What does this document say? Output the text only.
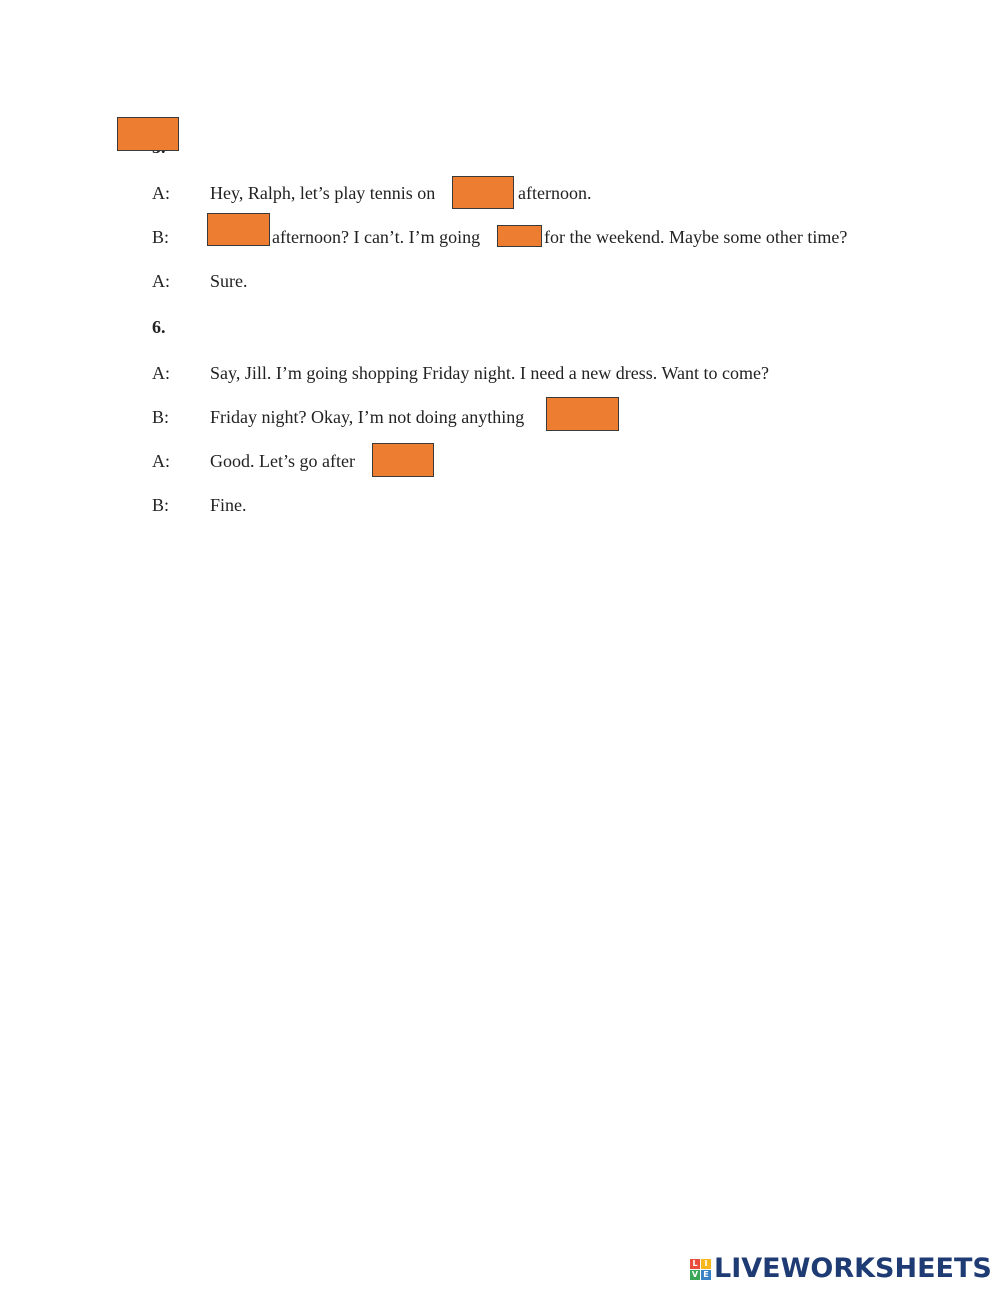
A: Hey, Ralph, let’s play tennis on	afternoon.
B:	afternoon? I can’t. I’m going	for the weekend. Maybe some other time?
A: Sure.
6.
A: Say, Jill. I’m going shopping Friday night. I need a new dress. Want to come?
B: Friday night? Okay, I’m not doing anything
A: Good. Let’s go after
B: Fine.
L I
V E LIVEWORKSHEETS
